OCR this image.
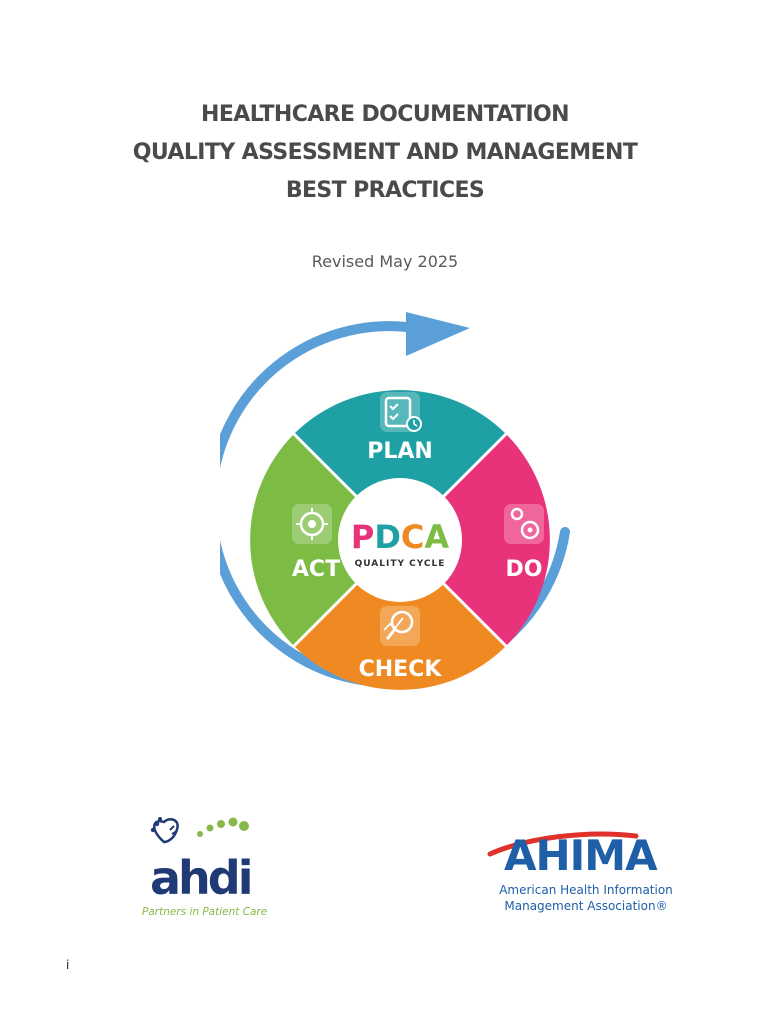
HEALTHCARE DOCUMENTATION
QUALITY ASSESSMENT AND MANAGEMENT
BEST PRACTICES
Revised May 2025
PDCA
QUALITY CYCLE
PLAN
DO
CHECK
ACT
ahdi
Partners in Patient Care
AHIMA
American Health Information
Management Association®
i
